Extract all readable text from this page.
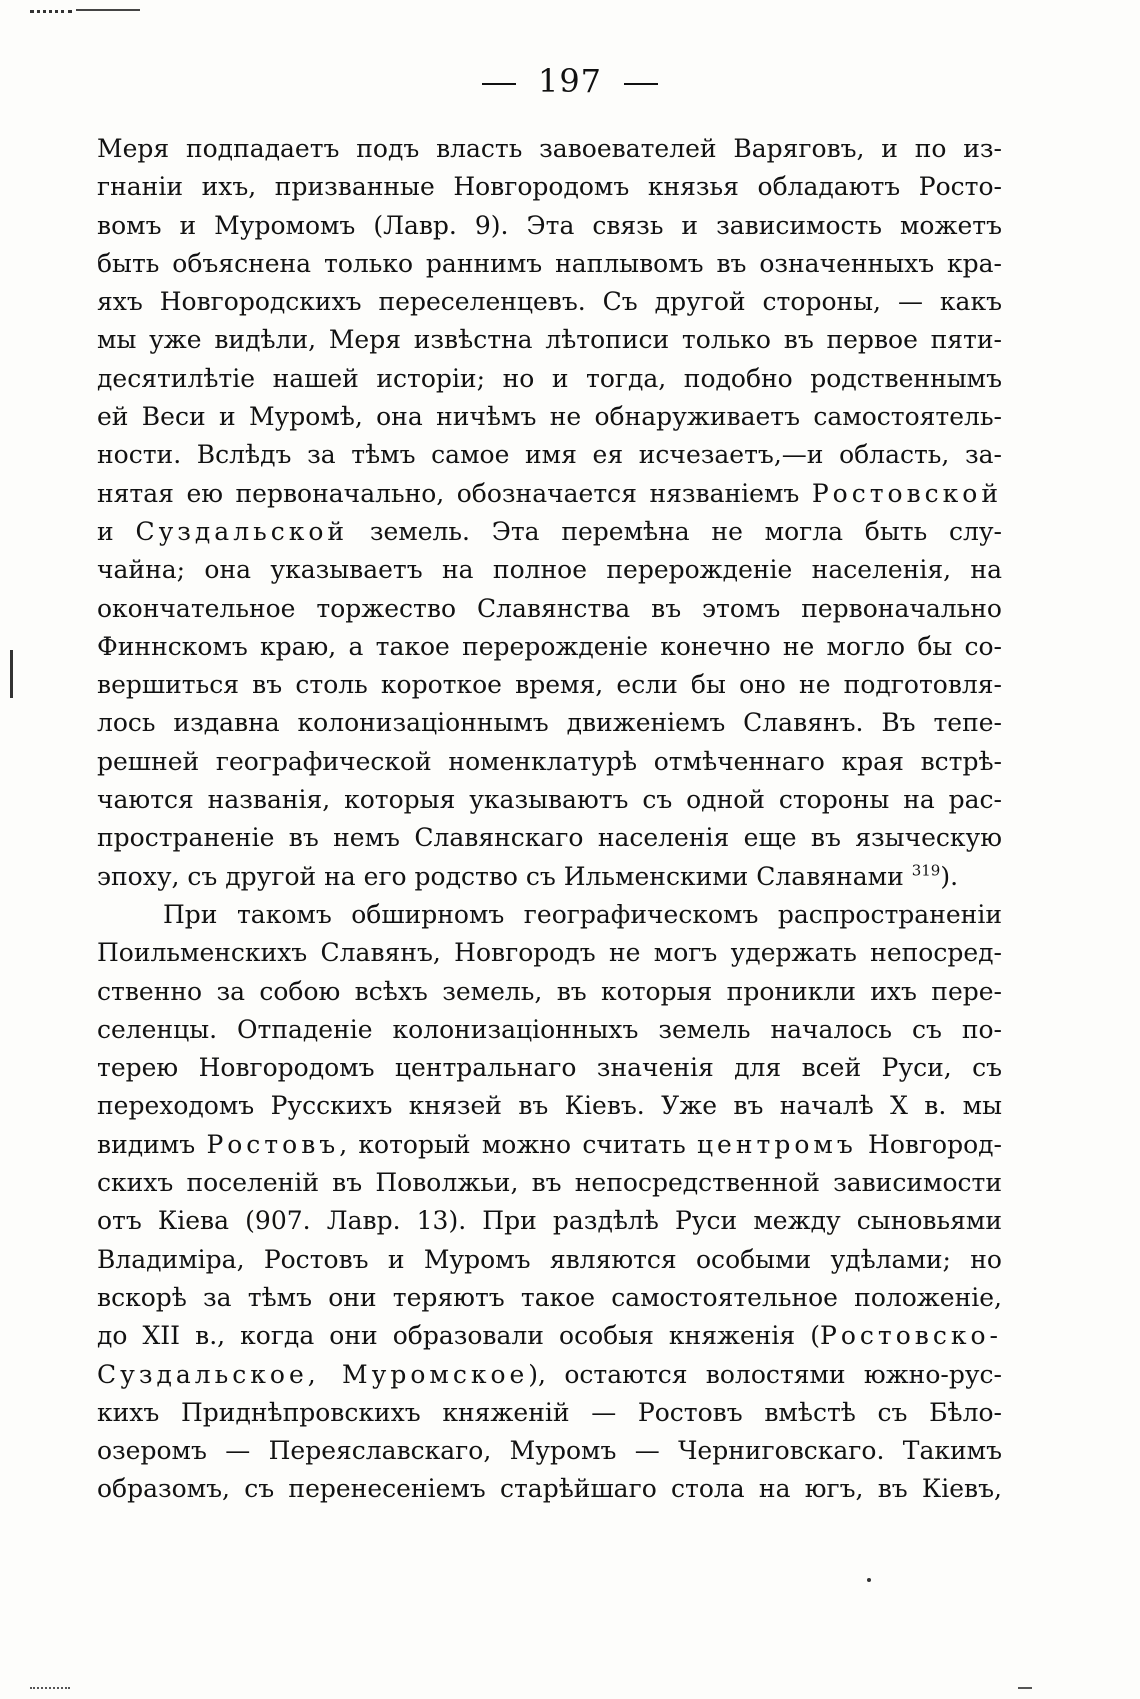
197
Меря подпадаетъ подъ власть завоевателей Варяговъ, и по из-
гнанiи ихъ, призванные Новгородомъ князья обладаютъ Росто-
вомъ и Муромомъ (Лавр. 9). Эта связь и зависимость можетъ
быть объяснена только раннимъ наплывомъ въ означенныхъ кра-
яхъ Новгородскихъ переселенцевъ. Съ другой стороны, — какъ
мы уже видѣли, Меря извѣстна лѣтописи только въ первое пяти-
десятилѣтiе нашей исторiи; но и тогда, подобно родственнымъ
ей Веси и Муромѣ, она ничѣмъ не обнаруживаетъ самостоятель-
ности. Вслѣдъ за тѣмъ самое имя ея исчезаетъ,—и область, за-
нятая ею первоначально, обозначается нязванiемъ Ростовской
и Суздальской земель. Эта перемѣна не могла быть слу-
чайна; она указываетъ на полное перерожденiе населенiя, на
окончательное торжество Славянства въ этомъ первоначально
Финнскомъ краю, а такое перерожденiе конечно не могло бы со-
вершиться въ столь короткое время, если бы оно не подготовля-
лось издавна колонизацiоннымъ движенiемъ Славянъ. Въ тепе-
решней географической номенклатурѣ отмѣченнаго края встрѣ-
чаются названiя, которыя указываютъ съ одной стороны на рас-
пространенiе въ немъ Славянскаго населенiя еще въ языческую
эпоху, съ другой на его родство съ Ильменскими Славянами $^{319}$).
При такомъ обширномъ географическомъ распространенiи
Поильменскихъ Славянъ, Новгородъ не могъ удержать непосред-
ственно за собою всѣхъ земель, въ которыя проникли ихъ пере-
селенцы. Отпаденiе колонизацiонныхъ земель началось съ по-
терею Новгородомъ центральнаго значенiя для всей Руси, съ
переходомъ Русскихъ князей въ Кiевъ. Уже въ началѣ X в. мы
видимъ Ростовъ, который можно считать центромъ Новгород-
скихъ поселенiй въ Поволжьи, въ непосредственной зависимости
отъ Кiева (907. Лавр. 13). При раздѣлѣ Руси между сыновьями
Владимiра, Ростовъ и Муромъ являются особыми удѣлами; но
вскорѣ за тѣмъ они теряютъ такое самостоятельное положенiе,
до XII в., когда они образовали особыя княженiя (Ростовско-
Суздальское, Муромское), остаются волостями южно-рус-
кихъ Приднѣпровскихъ княженiй — Ростовъ вмѣстѣ съ Бѣло-
озеромъ — Переяславскаго, Муромъ — Черниговскаго. Такимъ
образомъ, съ перенесенiемъ старѣйшаго стола на югъ, въ Кiевъ,
